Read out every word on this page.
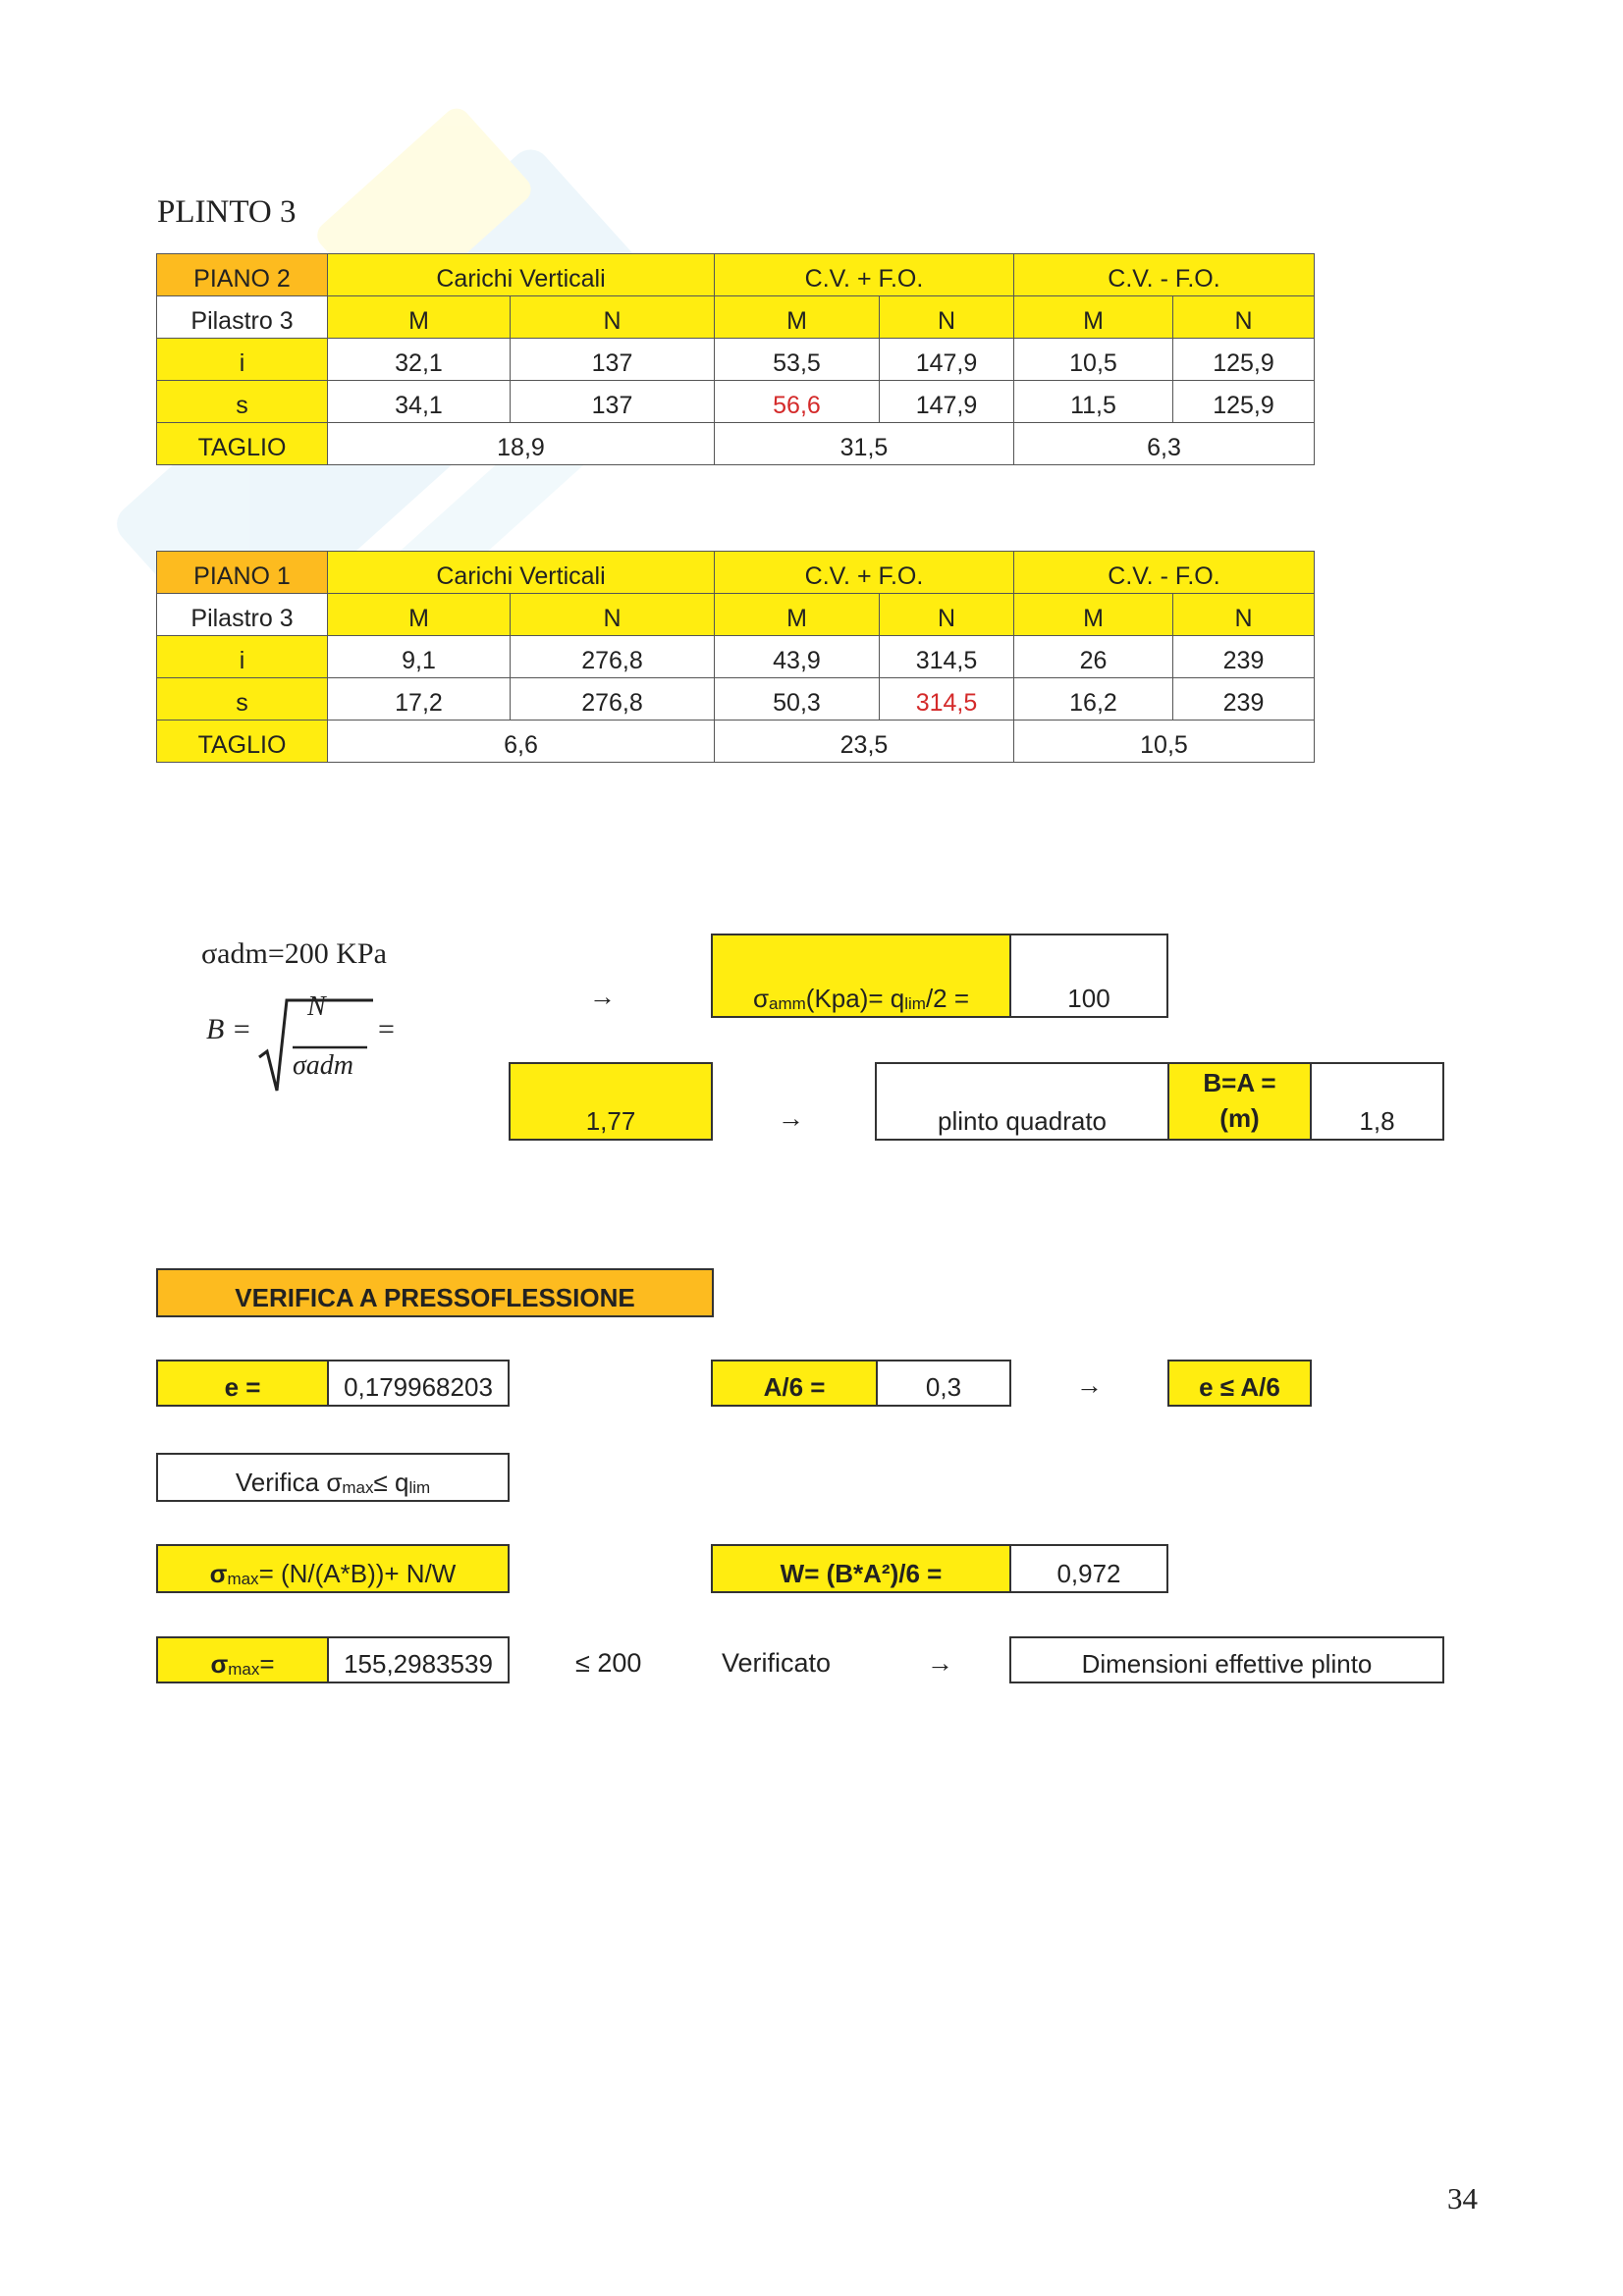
PLINTO 3
PIANO 2	Carichi Verticali		C.V. + F.O.		C.V. - F.O.	
Pilastro 3	M	N	M	N	M	N
i	32,1	137	53,5	147,9	10,5	125,9
s	34,1	137	56,6	147,9	11,5	125,9
TAGLIO	18,9		31,5		6,3	
PIANO 1	Carichi Verticali		C.V. + F.O.		C.V. - F.O.	
Pilastro 3	M	N	M	N	M	N
i	9,1	276,8	43,9	314,5	26	239
s	17,2	276,8	50,3	314,5	16,2	239
TAGLIO	6,6		23,5		10,5	
σadm=200 KPa
B =
N
σadm
=
→	σ amm (Kpa)= q lim /2 =	100
1,77	→	plinto quadrato
B=A =
(m)	1,8
VERIFICA A PRESSOFLESSIONE
e =	0,179968203	A/6 =	0,3	→	e ≤ A/6
Verifica σ max ≤ q lim
σ max = (N/(A*B))+ N/W	W= (B*A²)/6 =	0,972
σ max =	155,2983539	≤ 200	Verificato	→	Dimensioni effettive plinto
34
